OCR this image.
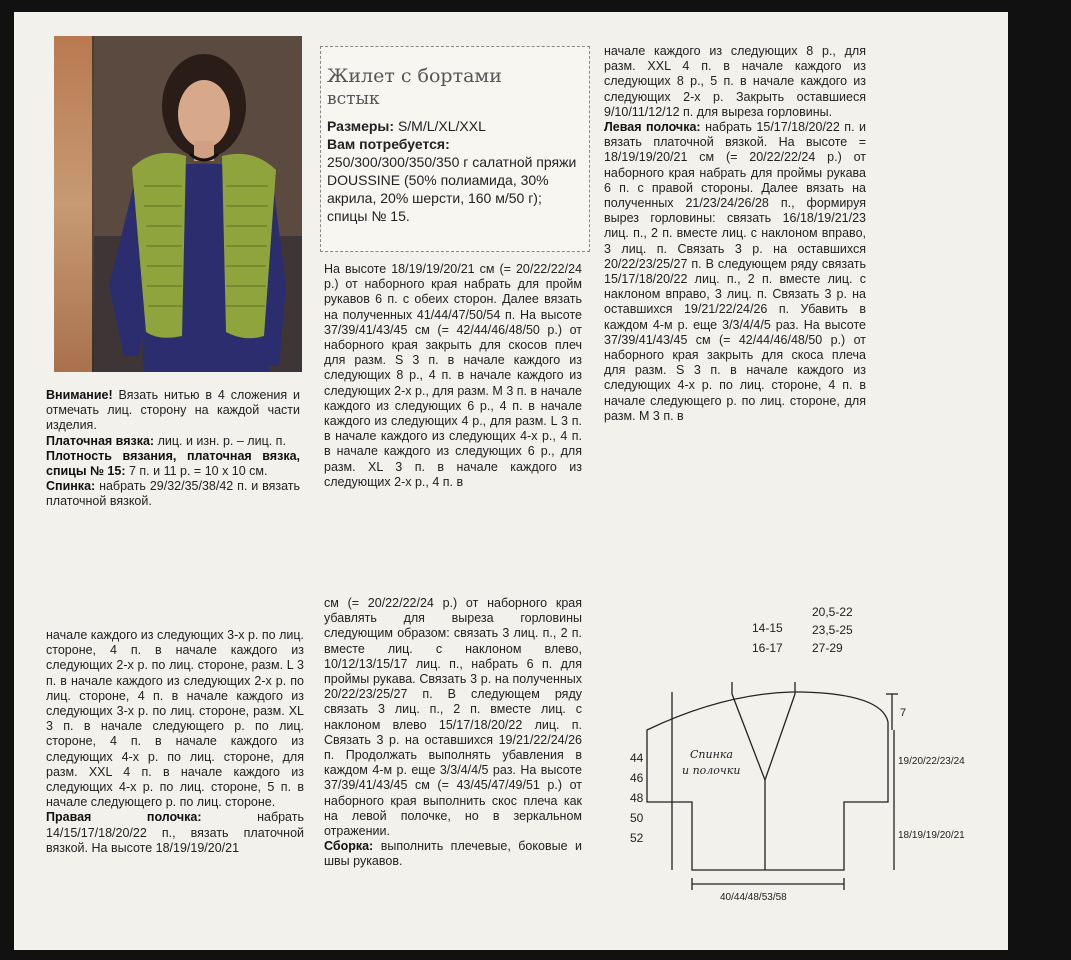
Жилет с бортами
встык
Размеры: S/M/L/XL/XXL
Вам потребуется:
250/300/300/350/350 г салатной пряжи DOUSSINE (50% полиамида, 30% акрила, 20% шерсти, 160 м/50 г); спицы № 15.

Внимание! Вязать нитью в 4 сложения и отмечать лиц. сторону на каждой части изделия.

Платочная вязка: лиц. и изн. р. – лиц. п.

Плотность вязания, платочная вязка, спицы № 15: 7 п. и 11 р. = 10 х 10 см.

Спинка: набрать 29/32/35/38/42 п. и вязать платочной вязкой.

На высоте 18/19/19/20/21 см (= 20/22/22/24 р.) от наборного края набрать для пройм рукавов 6 п. с обеих сторон. Далее вязать на полученных 41/44/47/50/54 п. На высоте 37/39/41/43/45 см (= 42/44/46/48/50 р.) от наборного края закрыть для скосов плеч для разм. S 3 п. в начале каждого из следующих 8 р., 4 п. в начале каждого из следующих 2-х р., для разм. M 3 п. в начале каждого из следующих 6 р., 4 п. в начале каждого из следующих 4 р., для разм. L 3 п. в начале каждого из следующих 4-х р., 4 п. в начале каждого из следующих 6 р., для разм. XL 3 п. в начале каждого из следующих 2-х р., 4 п. в

начале каждого из следующих 8 р., для разм. XXL 4 п. в начале каждого из следующих 8 р., 5 п. в начале каждого из следующих 2-х р. Закрыть оставшиеся 9/10/11/12/12 п. для выреза горловины.

Левая полочка: набрать 15/17/18/20/22 п. и вязать платочной вязкой. На высоте = 18/19/19/20/21 см (= 20/22/22/24 р.) от наборного края набрать для проймы рукава 6 п. с правой стороны. Далее вязать на полученных 21/23/24/26/28 п., формируя вырез горловины: связать 16/18/19/21/23 лиц. п., 2 п. вместе лиц. с наклоном вправо, 3 лиц. п. Связать 3 р. на оставшихся 20/22/23/25/27 п. В следующем ряду связать 15/17/18/20/22 лиц. п., 2 п. вместе лиц. с наклоном вправо, 3 лиц. п. Связать 3 р. на оставшихся 19/21/22/24/26 п. Убавить в каждом 4-м р. еще 3/3/4/4/5 раз. На высоте 37/39/41/43/45 см (= 42/44/46/48/50 р.) от наборного края закрыть для скоса плеча для разм. S 3 п. в начале каждого из следующих 4-х р. по лиц. стороне, 4 п. в начале следующего р. по лиц. стороне, для разм. M 3 п. в

начале каждого из следующих 3-х р. по лиц. стороне, 4 п. в начале каждого из следующих 2-х р. по лиц. стороне, разм. L 3 п. в начале каждого из следующих 2-х р. по лиц. стороне, 4 п. в начале каждого из следующих 3-х р. по лиц. стороне, разм. XL 3 п. в начале следующего р. по лиц. стороне, 4 п. в начале каждого из следующих 4-х р. по лиц. стороне, для разм. XXL 4 п. в начале каждого из следующих 4-х р. по лиц. стороне, 5 п. в начале следующего р. по лиц. стороне.

Правая полочка:	набрать 14/15/17/18/20/22 п., вязать платочной вязкой. На высоте 18/19/19/20/21

см (= 20/22/22/24 р.) от наборного края убавлять для выреза горловины следующим образом: связать 3 лиц. п., 2 п. вместе лиц. с наклоном влево, 10/12/13/15/17 лиц. п., набрать 6 п. для проймы рукава. Связать 3 р. на полученных 20/22/23/25/27 п. В следующем ряду связать 3 лиц. п., 2 п. вместе лиц. с наклоном влево 15/17/18/20/22 лиц. п. Связать 3 р. на оставшихся 19/21/22/24/26 п. Продолжать выполнять убавления в каждом 4-м р. еще 3/3/4/4/5 раз. На высоте 37/39/41/43/45 см (= 43/45/47/49/51 р.) от наборного края выполнить скос плеча как на левой полочке, но в зеркальном отражении.

Сборка: выполнить плечевые, боковые и швы рукавов.

14-15
16-17
20,5-22
23,5-25
27-29
7
19/20/22/23/24
18/19/19/20/21
40/44/48/53/58
44
46
48
50
52
Спинка
и полочки
